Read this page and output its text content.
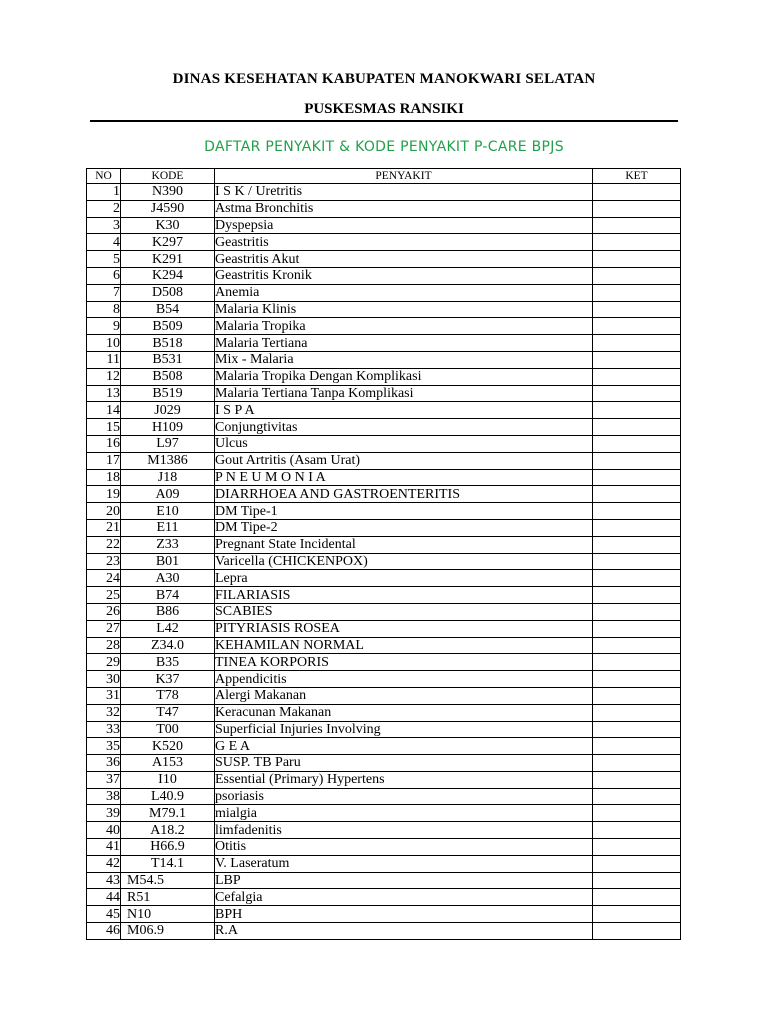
DINAS KESEHATAN KABUPATEN MANOKWARI SELATAN
PUSKESMAS RANSIKI
DAFTAR PENYAKIT & KODE PENYAKIT P-CARE BPJS
NO	KODE	PENYAKIT	KET
1	N390	I S K / Uretritis	
2	J4590	Astma Bronchitis	
3	K30	Dyspepsia	
4	K297	Geastritis	
5	K291	Geastritis Akut	
6	K294	Geastritis Kronik	
7	D508	Anemia	
8	B54	Malaria Klinis	
9	B509	Malaria Tropika	
10	B518	Malaria Tertiana	
11	B531	Mix - Malaria	
12	B508	Malaria Tropika Dengan Komplikasi	
13	B519	Malaria Tertiana Tanpa Komplikasi	
14	J029	I S P A	
15	H109	Conjungtivitas	
16	L97	Ulcus	
17	M1386	Gout Artritis (Asam Urat)	
18	J18	P N E U M O N I A	
19	A09	DIARRHOEA AND GASTROENTERITIS	
20	E10	DM Tipe-1	
21	E11	DM Tipe-2	
22	Z33	Pregnant State Incidental	
23	B01	Varicella (CHICKENPOX)	
24	A30	Lepra	
25	B74	FILARIASIS	
26	B86	SCABIES	
27	L42	PITYRIASIS ROSEA	
28	Z34.0	KEHAMILAN NORMAL	
29	B35	TINEA KORPORIS	
30	K37	Appendicitis	
31	T78	Alergi Makanan	
32	T47	Keracunan Makanan	
33	T00	Superficial Injuries Involving	
35	K520	G E A	
36	A153	SUSP. TB Paru	
37	I10	Essential (Primary) Hypertens	
38	L40.9	psoriasis	
39	M79.1	mialgia	
40	A18.2	limfadenitis	
41	H66.9	Otitis	
42	T14.1	V. Laseratum	
43	M54.5	LBP	
44	R51	Cefalgia	
45	N10	BPH	
46	M06.9	R.A	
